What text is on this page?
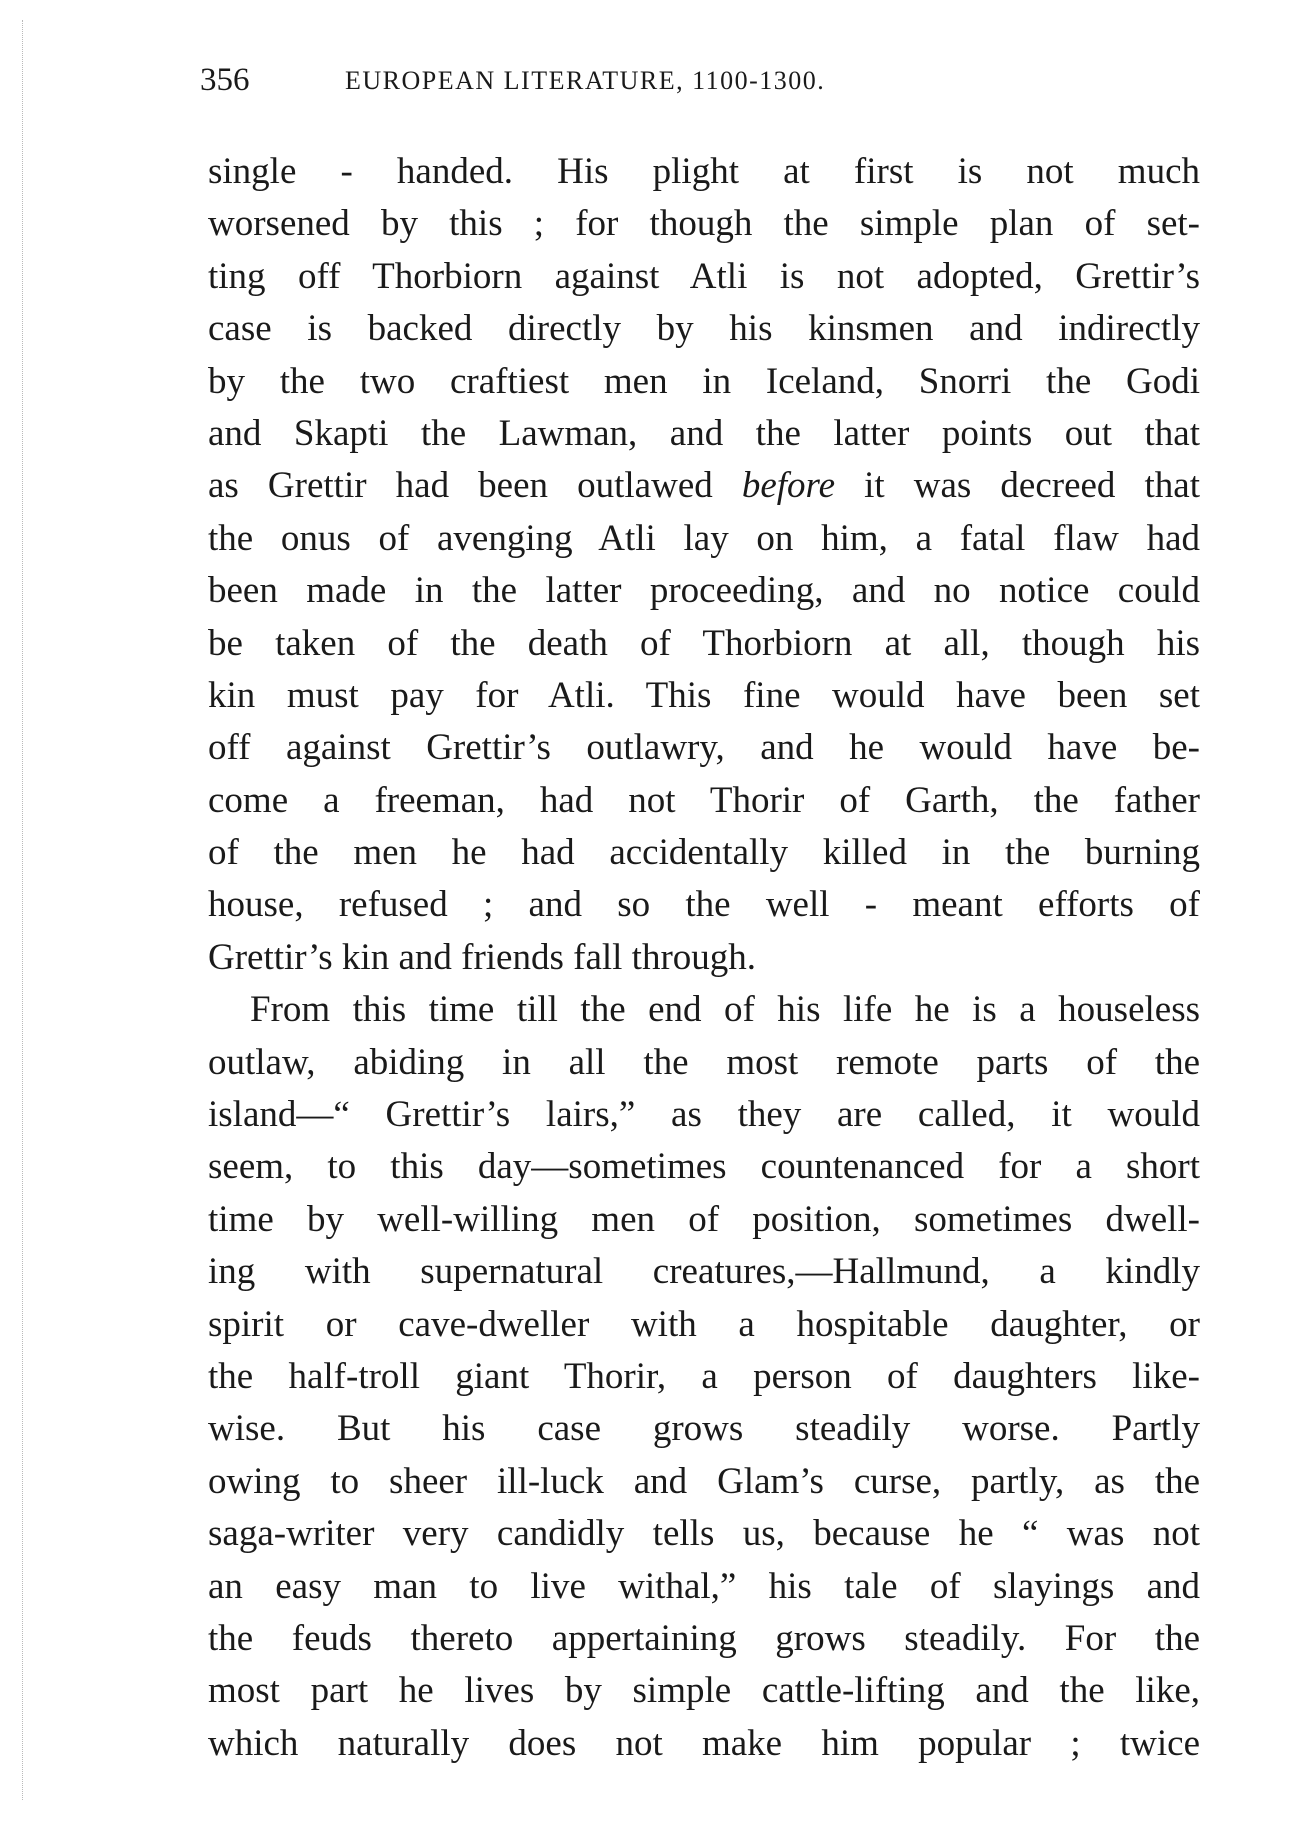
356	EUROPEAN LITERATURE, 1100-1300.
single - handed. His plight at first is not much
worsened by this ; for though the simple plan of set-
ting off Thorbiorn against Atli is not adopted, Grettir’s
case is backed directly by his kinsmen and indirectly
by the two craftiest men in Iceland, Snorri the Godi
and Skapti the Lawman, and the latter points out that
as Grettir had been outlawed before it was decreed that
the onus of avenging Atli lay on him, a fatal flaw had
been made in the latter proceeding, and no notice could
be taken of the death of Thorbiorn at all, though his
kin must pay for Atli. This fine would have been set
off against Grettir’s outlawry, and he would have be-
come a freeman, had not Thorir of Garth, the father
of the men he had accidentally killed in the burning
house, refused ; and so the well - meant efforts of
Grettir’s kin and friends fall through.
From this time till the end of his life he is a houseless
outlaw, abiding in all the most remote parts of the
island—“ Grettir’s lairs,” as they are called, it would
seem, to this day—sometimes countenanced for a short
time by well-willing men of position, sometimes dwell-
ing with supernatural creatures,—Hallmund, a kindly
spirit or cave-dweller with a hospitable daughter, or
the half-troll giant Thorir, a person of daughters like-
wise. But his case grows steadily worse. Partly
owing to sheer ill-luck and Glam’s curse, partly, as the
saga-writer very candidly tells us, because he “ was not
an easy man to live withal,” his tale of slayings and
the feuds thereto appertaining grows steadily. For the
most part he lives by simple cattle-lifting and the like,
which naturally does not make him popular ; twice
